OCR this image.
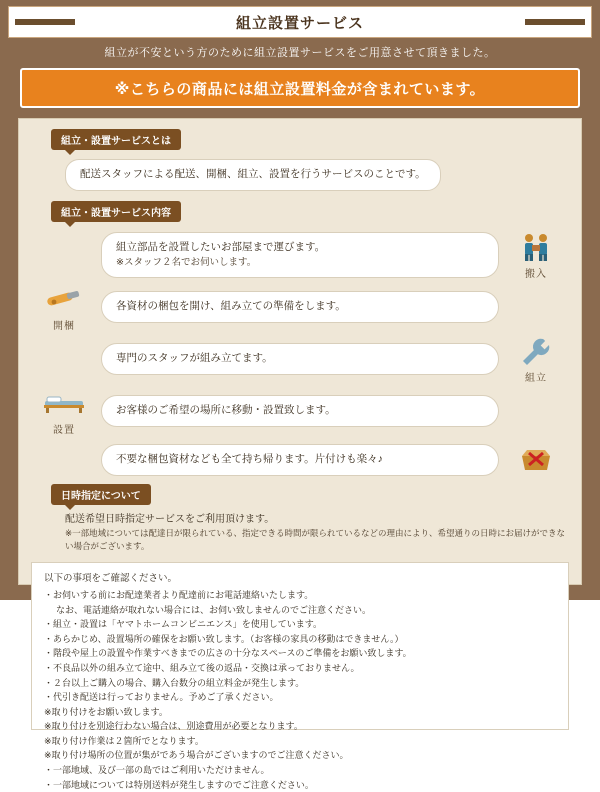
組立設置サービス
組立が不安という方のために組立設置サービスをご用意させて頂きました。
※こちらの商品には組立設置料金が含まれています。
組立・設置サービスとは
配送スタッフによる配送、開梱、組立、設置を行うサービスのことです。
組立・設置サービス内容
組立部品を設置したいお部屋まで運びます。
※スタッフ２名でお伺いします。
搬入
開梱
各資材の梱包を開け、組み立ての準備をします。
専門のスタッフが組み立てます。
組立
設置
お客様のご希望の場所に移動・設置致します。
不要な梱包資材なども全て持ち帰ります。片付けも楽々♪
日時指定について
配送希望日時指定サービスをご利用頂けます。
※一部地域については配達日が限られている、指定できる時間が限られているなどの理由により、希望通りの日時にお届けができない場合がございます。
以下の事項をご確認ください。
・お伺いする前にお配達業者より配達前にお電話連絡いたします。
なお、電話連絡が取れない場合には、お伺い致しませんのでご注意ください。
・組立・設置は「ヤマトホームコンビニエンス」を使用しています。
・あらかじめ、設置場所の確保をお願い致します。（お客様の家具の移動はできません。）
・階段や屋上の設置や作業すべきまでの広さの十分なスペースのご準備をお願い致します。
・不良品以外の組み立て途中、組み立て後の返品・交換は承っておりません。
・２台以上ご購入の場合、購入台数分の組立料金が発生します。
・代引き配送は行っておりません。予めご了承ください。
※取り付けをお願い致します。
※取り付けを別途行わない場合は、別途費用が必要となります。
※取り付け作業は２箇所でとなります。
※取り付け場所の位置が集がであう場合がございますのでご注意ください。
・一部地域、及び一部の島ではご利用いただけません。
・一部地域については特別送料が発生しますのでご注意ください。
